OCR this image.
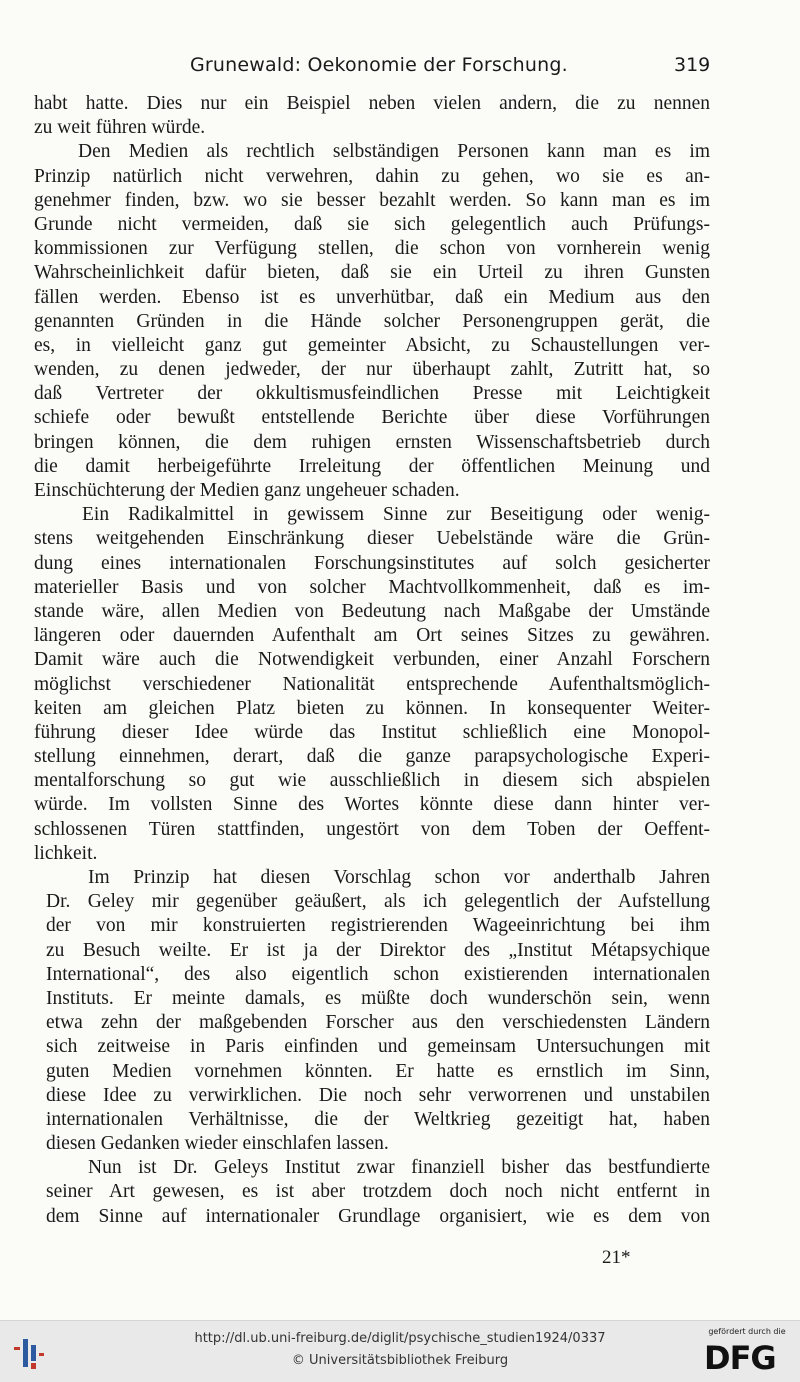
Grunewald: Oekonomie der Forschung.	319
habt hatte. Dies nur ein Beispiel neben vielen andern, die zu nennen
zu weit führen würde.
Den Medien als rechtlich selbständigen Personen kann man es im
Prinzip natürlich nicht verwehren, dahin zu gehen, wo sie es an-
genehmer finden, bzw. wo sie besser bezahlt werden. So kann man es im
Grunde nicht vermeiden, daß sie sich gelegentlich auch Prüfungs-
kommissionen zur Verfügung stellen, die schon von vornherein wenig
Wahrscheinlichkeit dafür bieten, daß sie ein Urteil zu ihren Gunsten
fällen werden. Ebenso ist es unverhütbar, daß ein Medium aus den
genannten Gründen in die Hände solcher Personengruppen gerät, die
es, in vielleicht ganz gut gemeinter Absicht, zu Schaustellungen ver-
wenden, zu denen jedweder, der nur überhaupt zahlt, Zutritt hat, so
daß Vertreter der okkultismusfeindlichen Presse mit Leichtigkeit
schiefe oder bewußt entstellende Berichte über diese Vorführungen
bringen können, die dem ruhigen ernsten Wissenschaftsbetrieb durch
die damit herbeigeführte Irreleitung der öffentlichen Meinung und
Einschüchterung der Medien ganz ungeheuer schaden.
Ein Radikalmittel in gewissem Sinne zur Beseitigung oder wenig-
stens weitgehenden Einschränkung dieser Uebelstände wäre die Grün-
dung eines internationalen Forschungsinstitutes auf solch gesicherter
materieller Basis und von solcher Machtvollkommenheit, daß es im-
stande wäre, allen Medien von Bedeutung nach Maßgabe der Umstände
längeren oder dauernden Aufenthalt am Ort seines Sitzes zu gewähren.
Damit wäre auch die Notwendigkeit verbunden, einer Anzahl Forschern
möglichst verschiedener Nationalität entsprechende Aufenthaltsmöglich-
keiten am gleichen Platz bieten zu können. In konsequenter Weiter-
führung dieser Idee würde das Institut schließlich eine Monopol-
stellung einnehmen, derart, daß die ganze parapsychologische Experi-
mentalforschung so gut wie ausschließlich in diesem sich abspielen
würde. Im vollsten Sinne des Wortes könnte diese dann hinter ver-
schlossenen Türen stattfinden, ungestört von dem Toben der Oeffent-
lichkeit.
Im Prinzip hat diesen Vorschlag schon vor anderthalb Jahren
Dr. Geley mir gegenüber geäußert, als ich gelegentlich der Aufstellung
der von mir konstruierten registrierenden Wageeinrichtung bei ihm
zu Besuch weilte. Er ist ja der Direktor des „Institut Métapsychique
International“, des also eigentlich schon existierenden internationalen
Instituts. Er meinte damals, es müßte doch wunderschön sein, wenn
etwa zehn der maßgebenden Forscher aus den verschiedensten Ländern
sich zeitweise in Paris einfinden und gemeinsam Untersuchungen mit
guten Medien vornehmen könnten. Er hatte es ernstlich im Sinn,
diese Idee zu verwirklichen. Die noch sehr verworrenen und unstabilen
internationalen Verhältnisse, die der Weltkrieg gezeitigt hat, haben
diesen Gedanken wieder einschlafen lassen.
Nun ist Dr. Geleys Institut zwar finanziell bisher das bestfundierte
seiner Art gewesen, es ist aber trotzdem doch noch nicht entfernt in
dem Sinne auf internationaler Grundlage organisiert, wie es dem von
21*
http://dl.ub.uni-freiburg.de/diglit/psychische_studien1924/0337
© Universitätsbibliothek Freiburg
gefördert durch die
DFG
